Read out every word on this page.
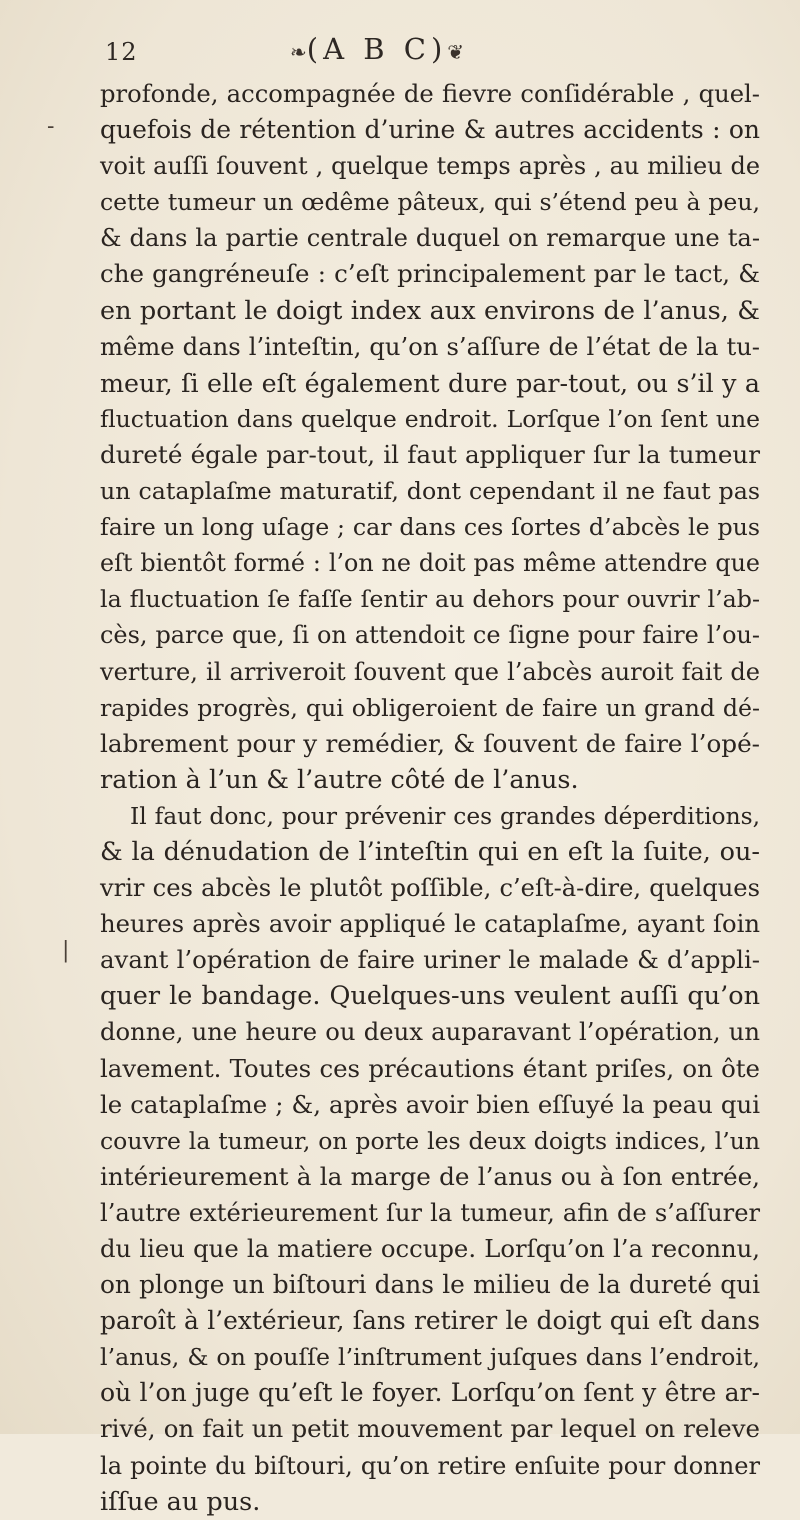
12	❧(A B C)❦
profonde, accompagnée de fievre conſidérable , quel-
quefois de rétention d’urine & autres accidents : on
voit auſſi ſouvent , quelque temps après , au milieu de
cette tumeur un œdême pâteux, qui s’étend peu à peu,
& dans la partie centrale duquel on remarque une ta-
che gangréneuſe : c’eſt principalement par le tact, &
en portant le doigt index aux environs de l’anus, &
même dans l’inteſtin, qu’on s’aſſure de l’état de la tu-
meur, ſi elle eſt également dure par-tout, ou s’il y a
fluctuation dans quelque endroit. Lorſque l’on ſent une
dureté égale par-tout, il faut appliquer ſur la tumeur
un cataplaſme maturatif, dont cependant il ne faut pas
faire un long uſage ; car dans ces ſortes d’abcès le pus
eſt bientôt formé : l’on ne doit pas même attendre que
la fluctuation ſe faſſe ſentir au dehors pour ouvrir l’ab-
cès, parce que, ſi on attendoit ce ſigne pour faire l’ou-
verture, il arriveroit ſouvent que l’abcès auroit fait de
rapides progrès, qui obligeroient de faire un grand dé-
labrement pour y remédier, & ſouvent de faire l’opé-
ration à l’un & l’autre côté de l’anus.
Il faut donc, pour prévenir ces grandes déperditions,
& la dénudation de l’inteſtin qui en eſt la ſuite, ou-
vrir ces abcès le plutôt poſſible, c’eſt-à-dire, quelques
heures après avoir appliqué le cataplaſme, ayant ſoin
avant l’opération de faire uriner le malade & d’appli-
quer le bandage. Quelques-uns veulent auſſi qu’on
donne, une heure ou deux auparavant l’opération, un
lavement. Toutes ces précautions étant priſes, on ôte
le cataplaſme ; &, après avoir bien eſſuyé la peau qui
couvre la tumeur, on porte les deux doigts indices, l’un
intérieurement à la marge de l’anus ou à ſon entrée,
l’autre extérieurement ſur la tumeur, afin de s’aſſurer
du lieu que la matiere occupe. Lorſqu’on l’a reconnu,
on plonge un biſtouri dans le milieu de la dureté qui
paroît à l’extérieur, ſans retirer le doigt qui eſt dans
l’anus, & on pouſſe l’inſtrument juſques dans l’endroit,
où l’on juge qu’eſt le foyer. Lorſqu’on ſent y être ar-
rivé, on fait un petit mouvement par lequel on releve
la pointe du biſtouri, qu’on retire enſuite pour donner
iſſue au pus.
-
|
